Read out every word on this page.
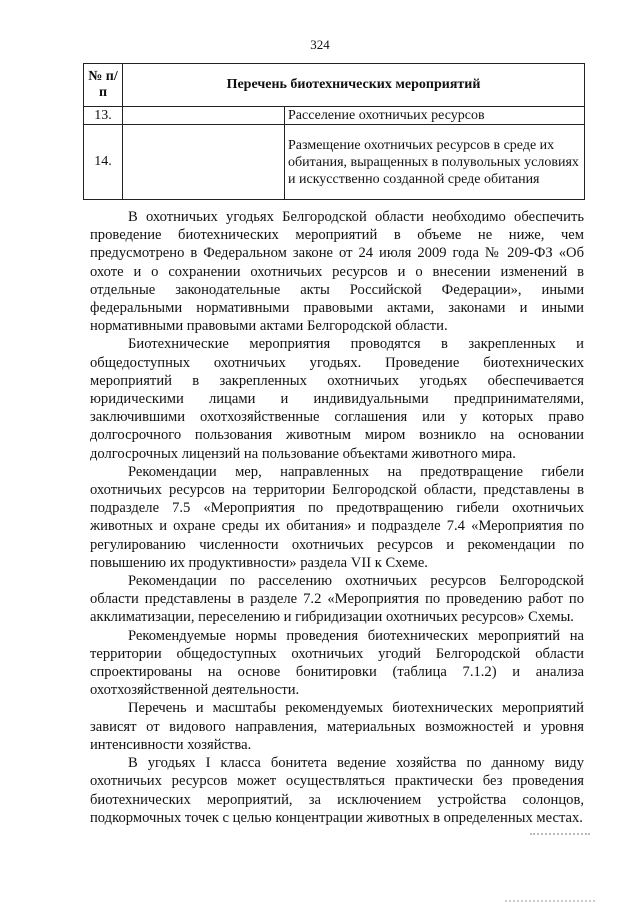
324
№ п/п	Перечень биотехнических мероприятий	
13.		Расселение охотничьих ресурсов
14.		Размещение охотничьих ресурсов в среде их обитания, выращенных в полувольных условиях и искусственно созданной среде обитания

В охотничьих угодьях Белгородской области необходимо обеспечить проведение биотехнических мероприятий в объеме не ниже, чем предусмотрено в Федеральном законе от 24 июля 2009 года № 209-ФЗ «Об охоте и о сохранении охотничьих ресурсов и о внесении изменений в отдельные законодательные акты Российской Федерации», иными федеральными нормативными правовыми актами, законами и иными нормативными правовыми актами Белгородской области.

Биотехнические мероприятия проводятся в закрепленных и общедоступных охотничьих угодьях. Проведение биотехнических мероприятий в закрепленных охотничьих угодьях обеспечивается юридическими лицами и индивидуальными предпринимателями, заключившими охотхозяйственные соглашения или у которых право долгосрочного пользования животным миром возникло на основании долгосрочных лицензий на пользование объектами животного мира.

Рекомендации мер, направленных на предотвращение гибели охотничьих ресурсов на территории Белгородской области, представлены в подразделе 7.5 «Мероприятия по предотвращению гибели охотничьих животных и охране среды их обитания» и подразделе 7.4 «Мероприятия по регулированию численности охотничьих ресурсов и рекомендации по повышению их продуктивности» раздела VII к Схеме.

Рекомендации по расселению охотничьих ресурсов Белгородской области представлены в разделе 7.2 «Мероприятия по проведению работ по акклиматизации, переселению и гибридизации охотничьих ресурсов» Схемы.

Рекомендуемые нормы проведения биотехнических мероприятий на территории общедоступных охотничьих угодий Белгородской области спроектированы на основе бонитировки (таблица 7.1.2) и анализа охотхозяйственной деятельности.

Перечень и масштабы рекомендуемых биотехнических мероприятий зависят от видового направления, материальных возможностей и уровня интенсивности хозяйства.

В угодьях I класса бонитета ведение хозяйства по данному виду охотничьих ресурсов может осуществляться практически без проведения биотехнических мероприятий, за исключением устройства солонцов, подкормочных точек с целью концентрации животных в определенных местах.
